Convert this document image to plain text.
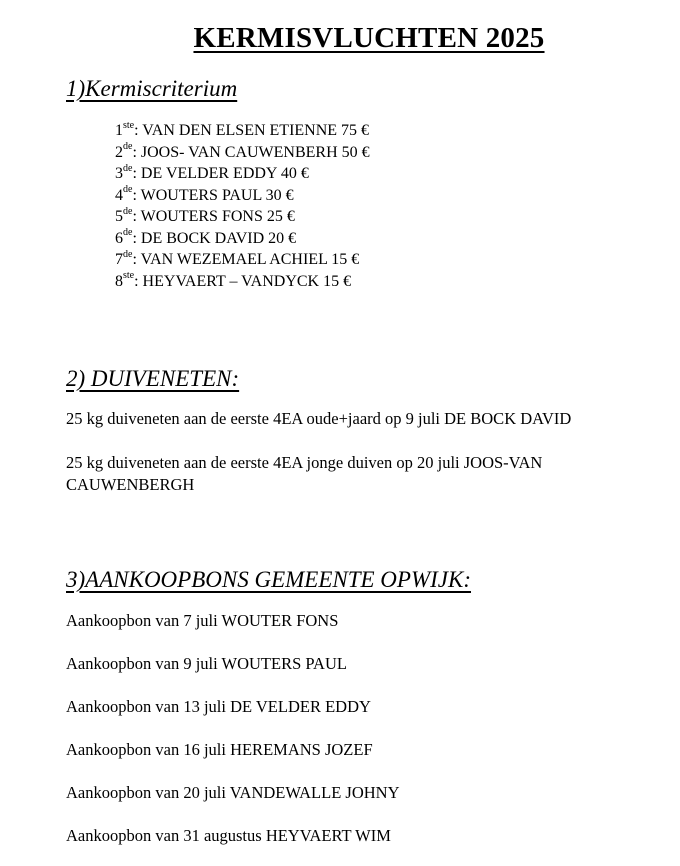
KERMISVLUCHTEN 2025
1)Kermiscriterium
1ste: VAN DEN ELSEN ETIENNE 75 €
2de: JOOS- VAN CAUWENBERH 50 €
3de: DE VELDER EDDY 40 €
4de: WOUTERS PAUL 30 €
5de: WOUTERS FONS 25 €
6de: DE BOCK DAVID 20 €
7de: VAN WEZEMAEL ACHIEL 15 €
8ste: HEYVAERT – VANDYCK 15 €
2) DUIVENETEN:
25 kg duiveneten aan de eerste 4EA oude+jaard op 9 juli DE BOCK DAVID
25 kg duiveneten aan de eerste 4EA jonge duiven op 20 juli JOOS-VAN CAUWENBERGH
3)AANKOOPBONS GEMEENTE OPWIJK:
Aankoopbon van 7 juli WOUTER FONS
Aankoopbon van 9 juli WOUTERS PAUL
Aankoopbon van 13 juli DE VELDER EDDY
Aankoopbon van 16 juli HEREMANS JOZEF
Aankoopbon van 20 juli VANDEWALLE JOHNY
Aankoopbon van 31 augustus HEYVAERT WIM
